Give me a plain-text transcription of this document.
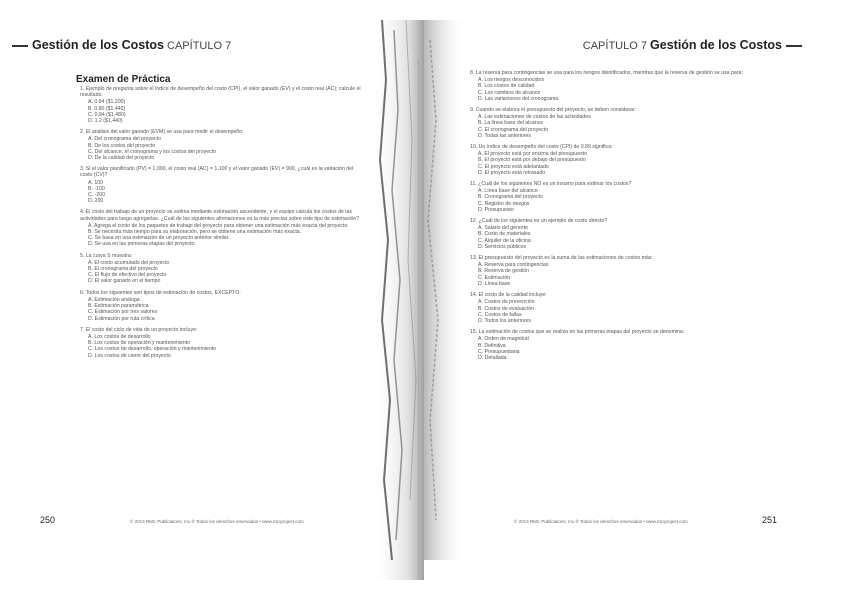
Gestión de los Costos CAPÍTULO 7
Examen de Práctica
1. Ejemplo de pregunta sobre el índice de desempeño del costo (CPI), el valor ganado (EV) y el costo real (AC); calcule el resultado.
A. 0.84 ($1,200)
B. 0.80 ($1,440)
C. 0.84 ($1,480)
D. 1.2 ($1,440)
2. El análisis del valor ganado (EVM) se usa para medir el desempeño:
A. Del cronograma del proyecto
B. De los costos del proyecto
C. Del alcance, el cronograma y los costos del proyecto
D. De la calidad del proyecto
3. Si el valor planificado (PV) = 1,000, el costo real (AC) = 1,100 y el valor ganado (EV) = 900, ¿cuál es la variación del costo (CV)?
A. 100
B. -100
C. -200
D. 200
4. El costo del trabajo de un proyecto se estima mediante estimación ascendente, y el equipo calcula los costos de las actividades para luego agregarlas. ¿Cuál de las siguientes afirmaciones es la más precisa sobre este tipo de estimación?
A. Agrega el costo de los paquetes de trabajo del proyecto para obtener una estimación más exacta del proyecto.
B. Se necesita más tiempo para su elaboración, pero se obtiene una estimación más exacta.
C. Se basa en una estimación de un proyecto anterior similar.
D. Se usa en las primeras etapas del proyecto.
5. La curva S muestra:
A. El costo acumulado del proyecto
B. El cronograma del proyecto
C. El flujo de efectivo del proyecto
D. El valor ganado en el tiempo
6. Todos los siguientes son tipos de estimación de costos, EXCEPTO:
A. Estimación análoga
B. Estimación paramétrica
C. Estimación por tres valores
D. Estimación por ruta crítica
7. El costo del ciclo de vida de un proyecto incluye:
A. Los costos de desarrollo
B. Los costos de operación y mantenimiento
C. Los costos de desarrollo, operación y mantenimiento
D. Los costos de cierre del proyecto
250	© 2013 RMC Publications, Inc.® Todos los derechos reservados • www.rmcproject.com
CAPÍTULO 7 Gestión de los Costos
8. La reserva para contingencias se usa para los riesgos identificados, mientras que la reserva de gestión se usa para:
A. Los riesgos desconocidos
B. Los costos de calidad
C. Los cambios de alcance
D. Las variaciones del cronograma
9. Cuando se elabora el presupuesto del proyecto, se deben considerar:
A. Las estimaciones de costos de las actividades
B. La línea base del alcance
C. El cronograma del proyecto
D. Todas las anteriores
10. Un índice de desempeño del costo (CPI) de 0.89 significa:
A. El proyecto está por encima del presupuesto
B. El proyecto está por debajo del presupuesto
C. El proyecto está adelantado
D. El proyecto está retrasado
11. ¿Cuál de los siguientes NO es un insumo para estimar los costos?
A. Línea base del alcance
B. Cronograma del proyecto
C. Registro de riesgos
D. Presupuesto
12. ¿Cuál de los siguientes es un ejemplo de costo directo?
A. Salario del gerente
B. Costo de materiales
C. Alquiler de la oficina
D. Servicios públicos
13. El presupuesto del proyecto es la suma de las estimaciones de costos más:
A. Reserva para contingencias
B. Reserva de gestión
C. Estimación
D. Línea base
14. El costo de la calidad incluye:
A. Costos de prevención
B. Costos de evaluación
C. Costos de fallas
D. Todos los anteriores
15. La estimación de costos que se realiza en las primeras etapas del proyecto se denomina:
A. Orden de magnitud
B. Definitiva
C. Presupuestaria
D. Detallada
251
© 2013 RMC Publications, Inc.® Todos los derechos reservados • www.rmcproject.com
